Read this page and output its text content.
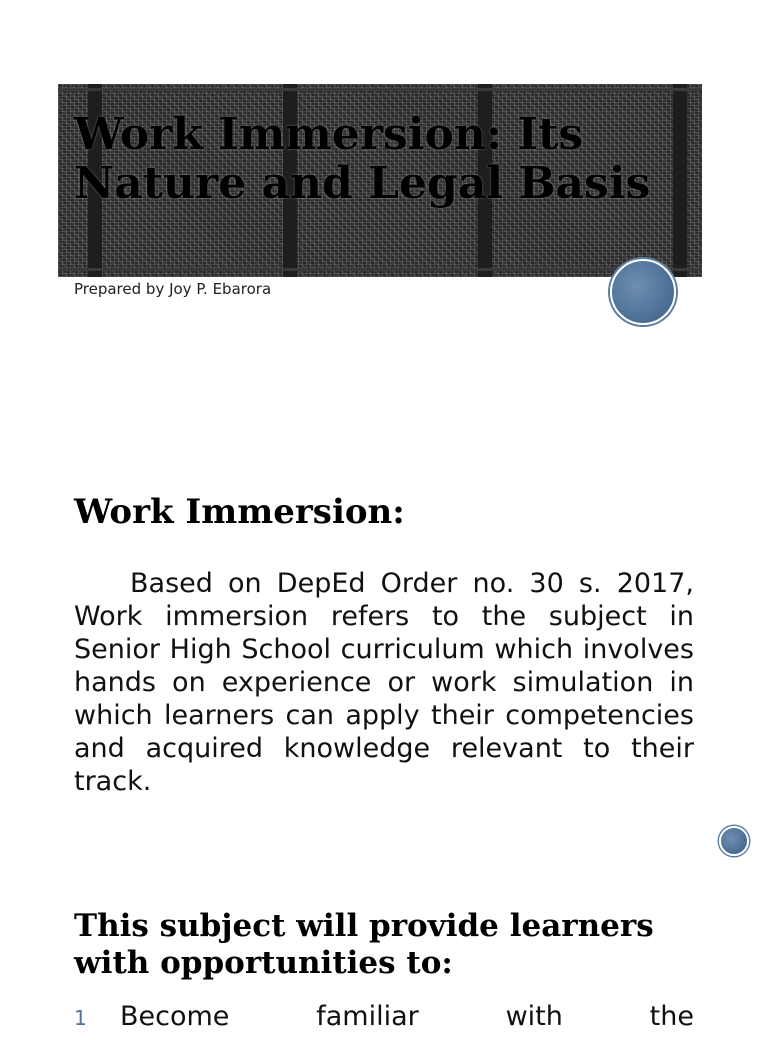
Work Immersion: Its Nature and Legal Basis

Prepared by Joy P. Ebarora

Work Immersion:

Based on DepEd Order no. 30 s. 2017, Work immersion refers to the subject in Senior High School curriculum which involves hands on experience or work simulation in which learners can apply their competencies and acquired knowledge relevant to their track.

This subject will provide learners with opportunities to:
1	Become familiar with the
